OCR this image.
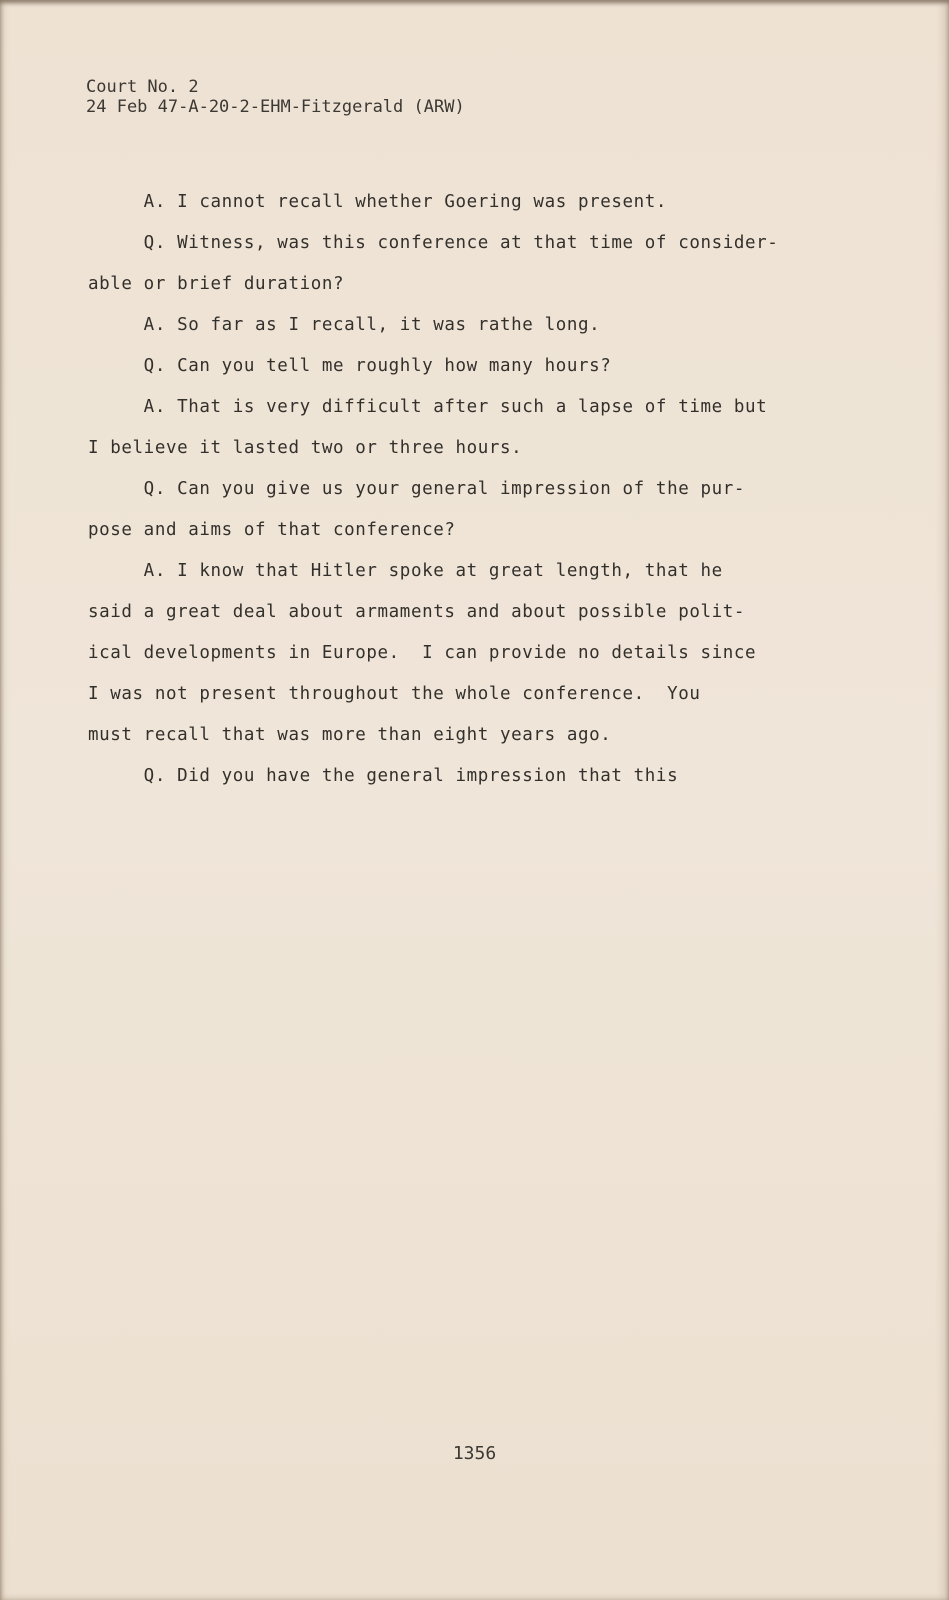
Court No. 2
24 Feb 47-A-20-2-EHM-Fitzgerald (ARW)
A. I cannot recall whether Goering was present.
Q. Witness, was this conference at that time of consider-
able or brief duration?
A. So far as I recall, it was rathe long.
Q. Can you tell me roughly how many hours?
A. That is very difficult after such a lapse of time but
I believe it lasted two or three hours.
Q. Can you give us your general impression of the pur-
pose and aims of that conference?
A. I know that Hitler spoke at great length, that he
said a great deal about armaments and about possible polit-
ical developments in Europe.  I can provide no details since
I was not present throughout the whole conference.  You
must recall that was more than eight years ago.
Q. Did you have the general impression that this
1356
